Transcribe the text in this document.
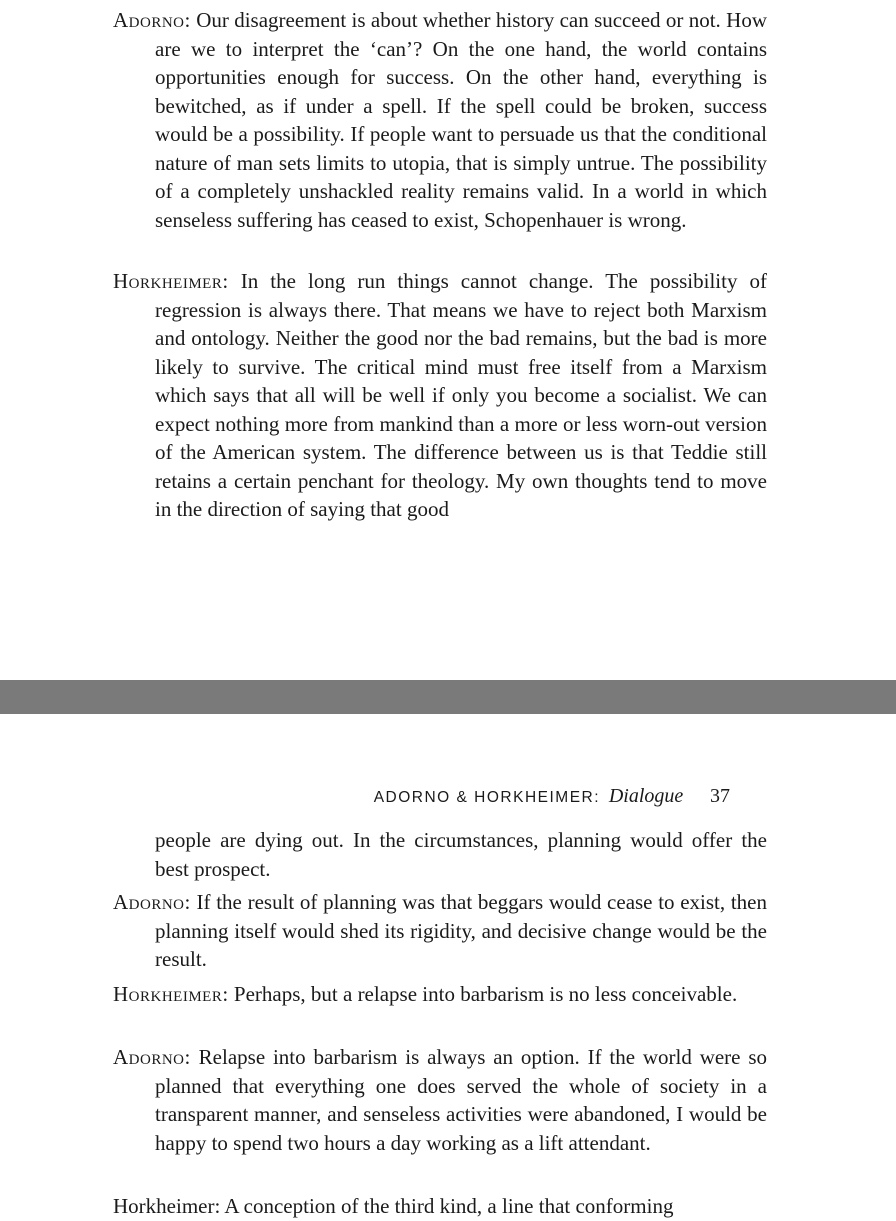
Adorno: Our disagreement is about whether history can succeed or not. How are we to interpret the ‘can’? On the one hand, the world contains opportunities enough for success. On the other hand, everything is bewitched, as if under a spell. If the spell could be broken, success would be a possibility. If people want to persuade us that the conditional nature of man sets limits to utopia, that is simply untrue. The possibility of a completely unshackled reality remains valid. In a world in which senseless suffering has ceased to exist, Schopenhauer is wrong.

Horkheimer: In the long run things cannot change. The possibility of regression is always there. That means we have to reject both Marxism and ontology. Neither the good nor the bad remains, but the bad is more likely to survive. The critical mind must free itself from a Marxism which says that all will be well if only you become a socialist. We can expect nothing more from mankind than a more or less worn-out version of the American system. The difference between us is that Teddie still retains a certain penchant for theology. My own thoughts tend to move in the direction of saying that good

ADORNO & HORKHEIMER: Dialogue 37

people are dying out. In the circumstances, planning would offer the best prospect.

Adorno: If the result of planning was that beggars would cease to exist, then planning itself would shed its rigidity, and decisive change would be the result.

Horkheimer: Perhaps, but a relapse into barbarism is no less conceivable.

Adorno: Relapse into barbarism is always an option. If the world were so planned that everything one does served the whole of society in a transparent manner, and senseless activities were abandoned, I would be happy to spend two hours a day working as a lift attendant.

Horkheimer: A conception of the third kind, a line that conforming
